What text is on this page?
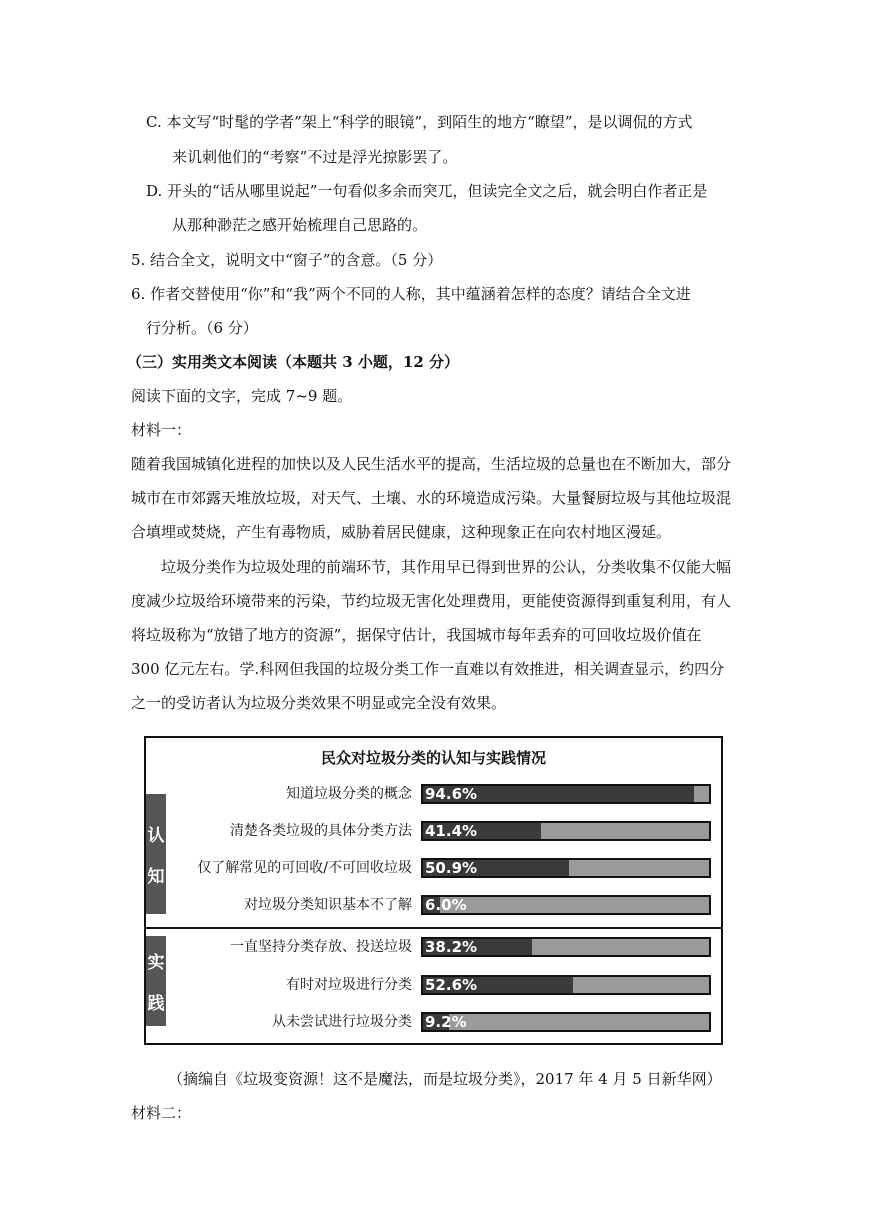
C. 本文写“时髦的学者”架上“科学的眼镜”，到陌生的地方“瞭望”，是以调侃的方式
来讥刺他们的“考察”不过是浮光掠影罢了。
D. 开头的“话从哪里说起”一句看似多余而突兀，但读完全文之后，就会明白作者正是
从那种渺茫之感开始梳理自己思路的。
5. 结合全文，说明文中“窗子”的含意。（5 分）
6. 作者交替使用“你”和“我”两个不同的人称，其中蕴涵着怎样的态度？请结合全文进
行分析。（6 分）
（三）实用类文本阅读（本题共 3 小题，12 分）
阅读下面的文字，完成 7~9 题。
材料一：
随着我国城镇化进程的加快以及人民生活水平的提高，生活垃圾的总量也在不断加大，部分
城市在市郊露天堆放垃圾，对天气、土壤、水的环境造成污染。大量餐厨垃圾与其他垃圾混
合填埋或焚烧，产生有毒物质，威胁着居民健康，这种现象正在向农村地区漫延。
垃圾分类作为垃圾处理的前端环节，其作用早已得到世界的公认，分类收集不仅能大幅
度减少垃圾给环境带来的污染，节约垃圾无害化处理费用，更能使资源得到重复利用，有人
将垃圾称为“放错了地方的资源”，据保守估计，我国城市每年丢弃的可回收垃圾价值在
300 亿元左右。学.科网但我国的垃圾分类工作一直难以有效推进，相关调查显示，约四分
之一的受访者认为垃圾分类效果不明显或完全没有效果。
民众对垃圾分类的认知与实践情况
认
知
知道垃圾分类的概念 94.6%
清楚各类垃圾的具体分类方法 41.4%
仅了解常见的可回收/不可回收垃圾 50.9%
对垃圾分类知识基本不了解 6.0%
实
践
一直坚持分类存放、投送垃圾 38.2%
有时对垃圾进行分类 52.6%
从未尝试进行垃圾分类 9.2%
（摘编自《垃圾变资源！这不是魔法，而是垃圾分类》，2017 年 4 月 5 日新华网）
材料二：
